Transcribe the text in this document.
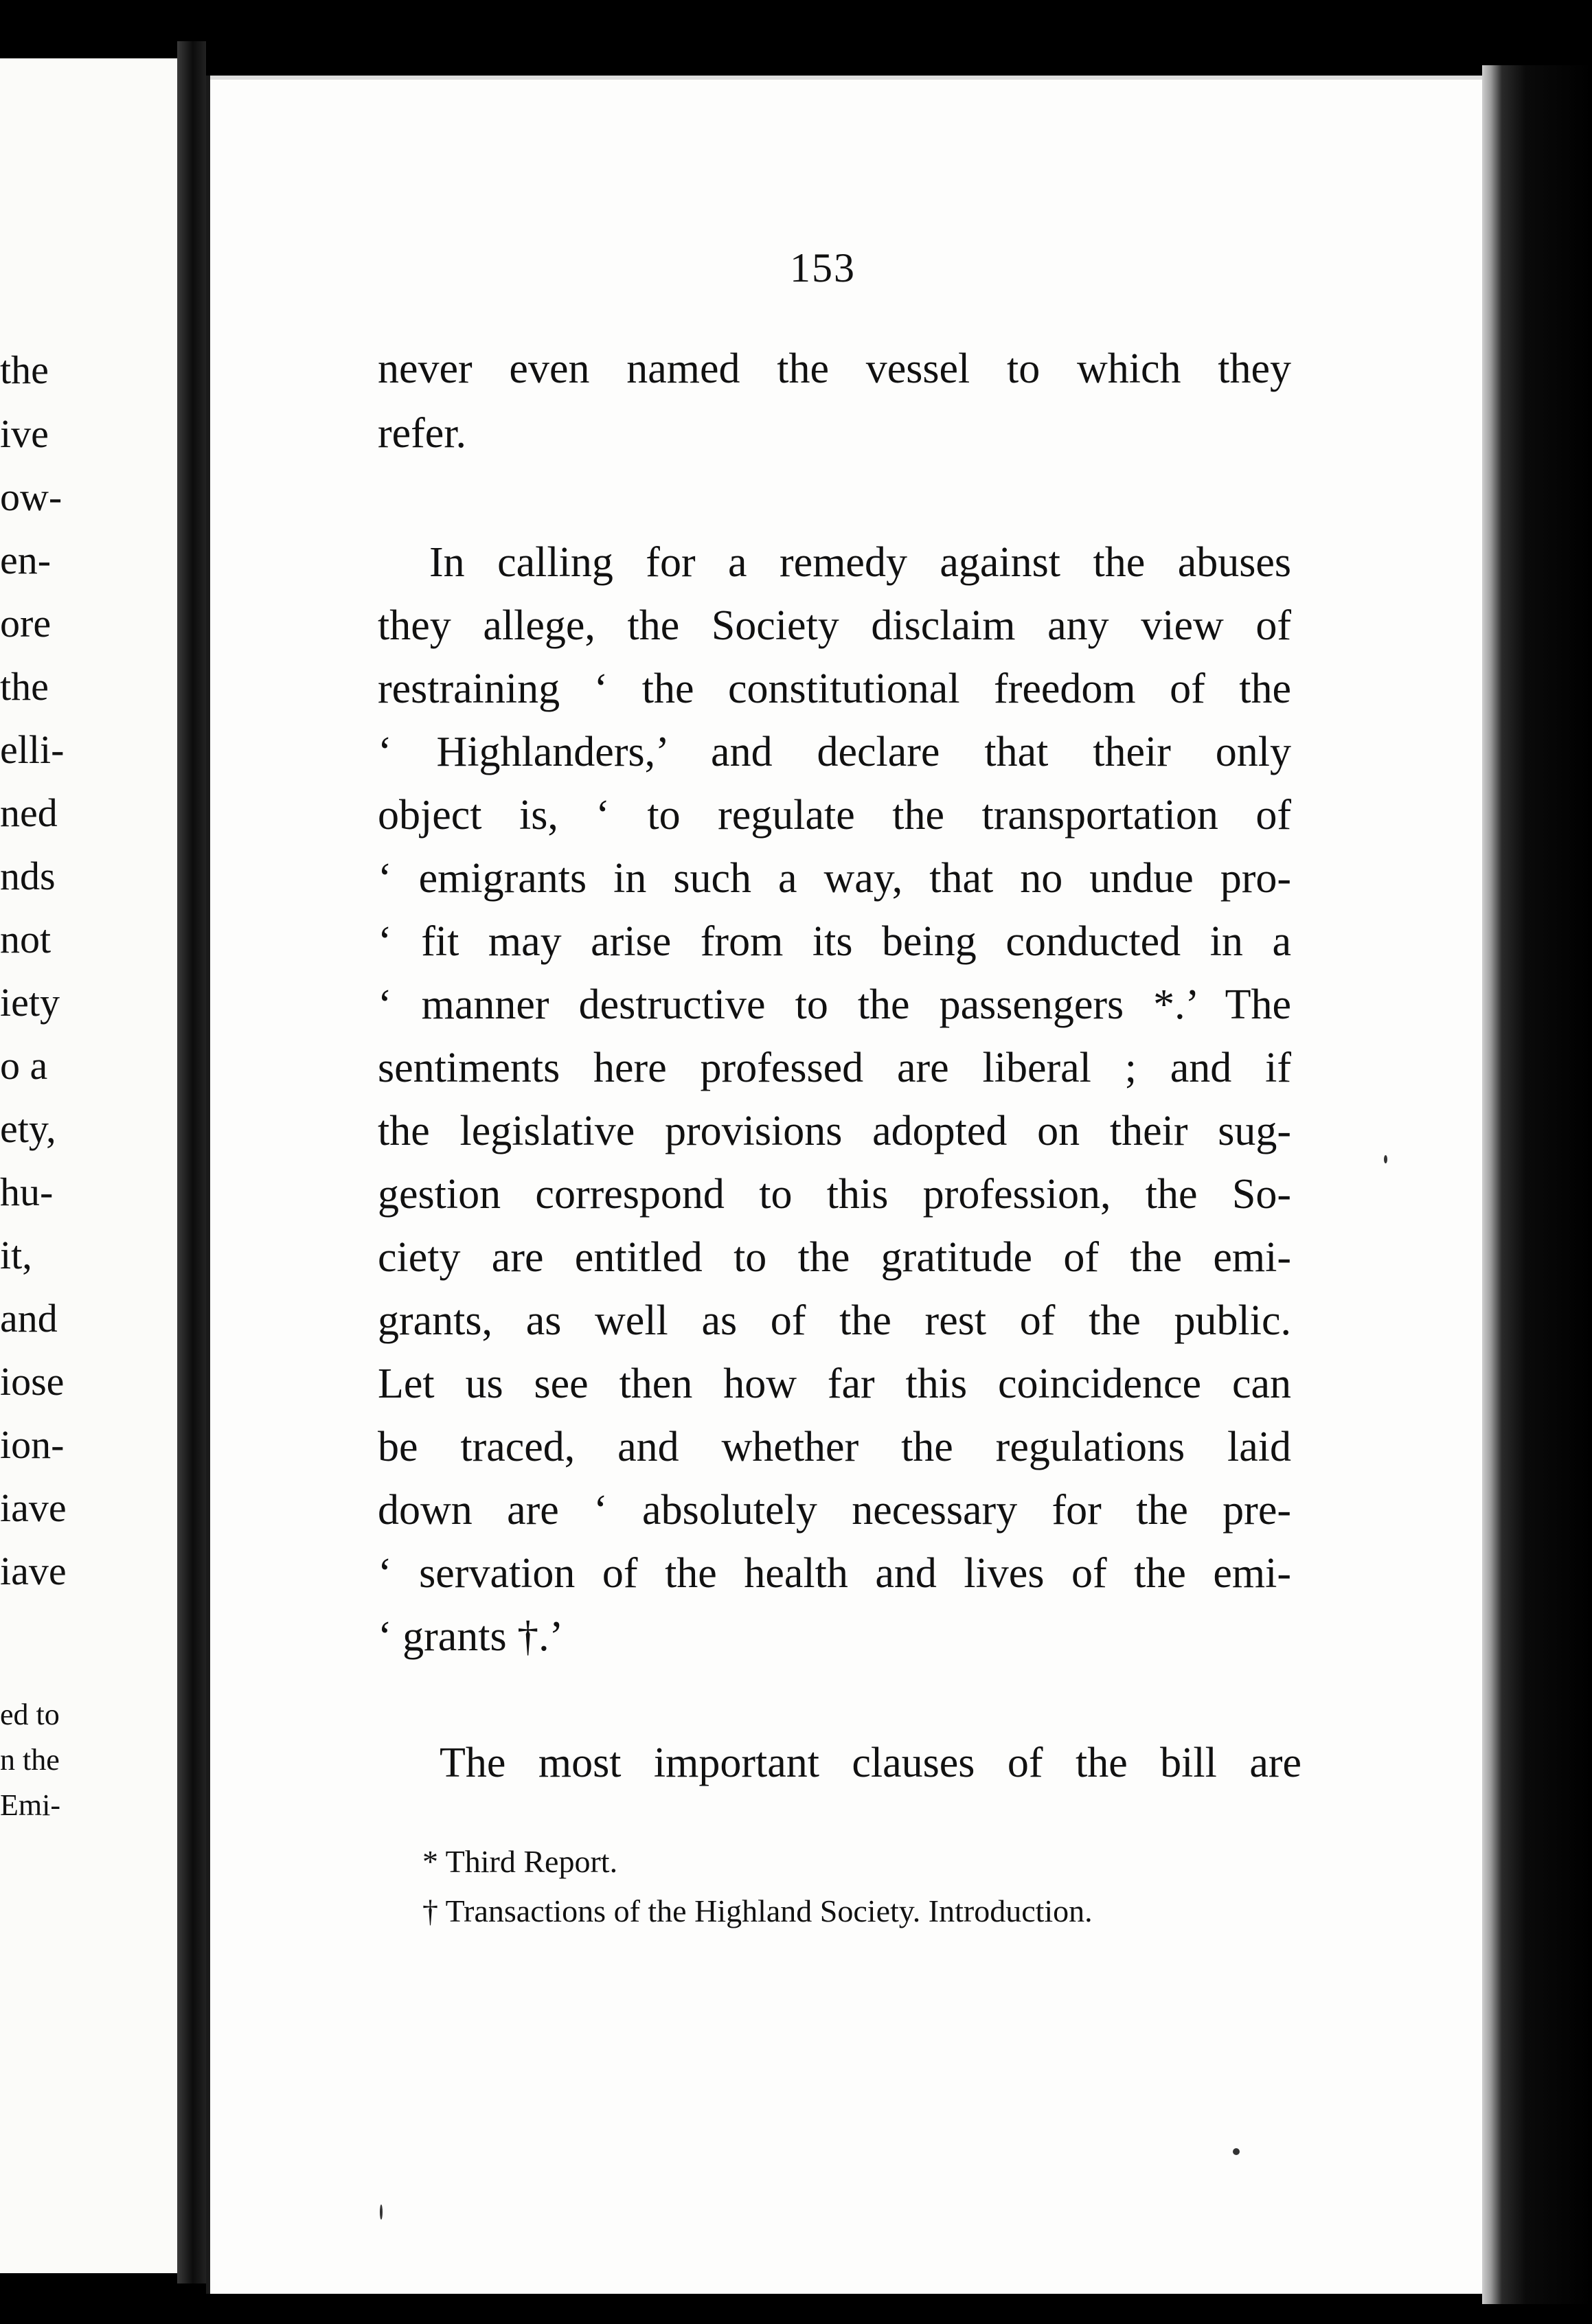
the
ive
ow-
en-
ore
the
elli-
ned
nds
not
iety
o a
ety,
hu-
it,
and
iose
ion-
iave
iave
ed to
n the
Emi-
153
never even named the vessel to which they
refer.
In calling for a remedy against the abuses
they allege, the Society disclaim any view of
restraining ‘ the constitutional freedom of the
‘ Highlanders,’ and declare that their only
object is, ‘ to regulate the transportation of
‘ emigrants in such a way, that no undue pro-
‘ fit may arise from its being conducted in a
‘ manner destructive to the passengers *.’ The
sentiments here professed are liberal ; and if
the legislative provisions adopted on their sug-
gestion correspond to this profession, the So-
ciety are entitled to the gratitude of the emi-
grants, as well as of the rest of the public.
Let us see then how far this coincidence can
be traced, and whether the regulations laid
down are ‘ absolutely necessary for the pre-
‘ servation of the health and lives of the emi-
‘ grants †.’
The most important clauses of the bill are
* Third Report.
† Transactions of the Highland Society. Introduction.
